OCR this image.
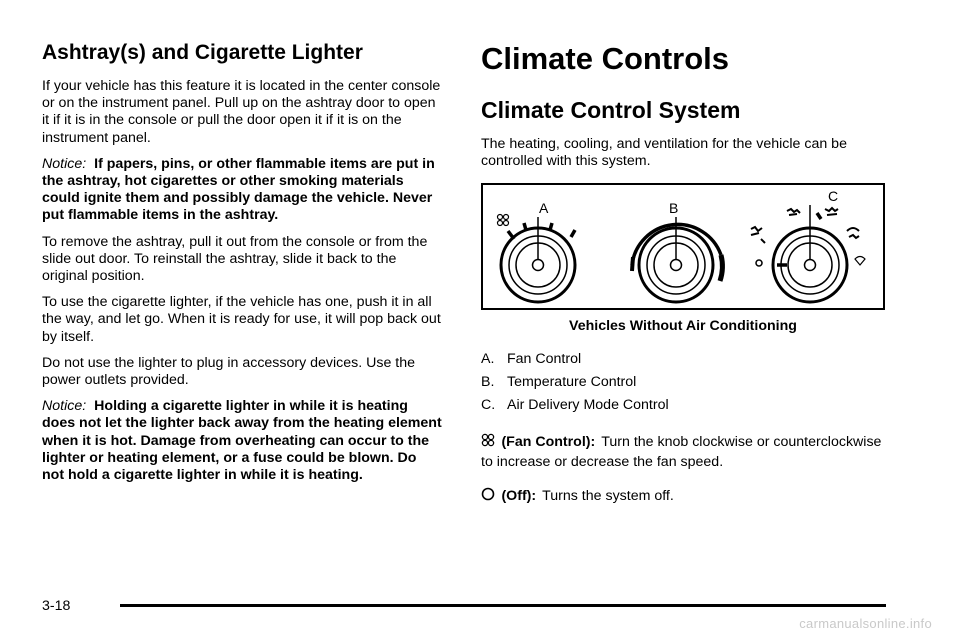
Ashtray(s) and Cigarette Lighter

If your vehicle has this feature it is located in the center console or on the instrument panel. Pull up on the ashtray door to open it if it is in the console or pull the door open it if it is on the instrument panel.

Notice: If papers, pins, or other flammable items are put in the ashtray, hot cigarettes or other smoking materials could ignite them and possibly damage the vehicle. Never put flammable items in the ashtray.

To remove the ashtray, pull it out from the console or from the slide out door. To reinstall the ashtray, slide it back to the original position.

To use the cigarette lighter, if the vehicle has one, push it in all the way, and let go. When it is ready for use, it will pop back out by itself.

Do not use the lighter to plug in accessory devices. Use the power outlets provided.

Notice: Holding a cigarette lighter in while it is heating does not let the lighter back away from the heating element when it is hot. Damage from overheating can occur to the lighter or heating element, or a fuse could be blown. Do not hold a cigarette lighter in while it is heating.

Climate Controls
Climate Control System

The heating, cooling, and ventilation for the vehicle can be controlled with this system.

A	B
C
Vehicles Without Air Conditioning
A. Fan Control
B. Temperature Control
C. Air Delivery Mode Control
(Fan Control): Turn the knob clockwise or counterclockwise to increase or decrease the fan speed.
(Off): Turns the system off.
3-18
carmanualsonline.info
